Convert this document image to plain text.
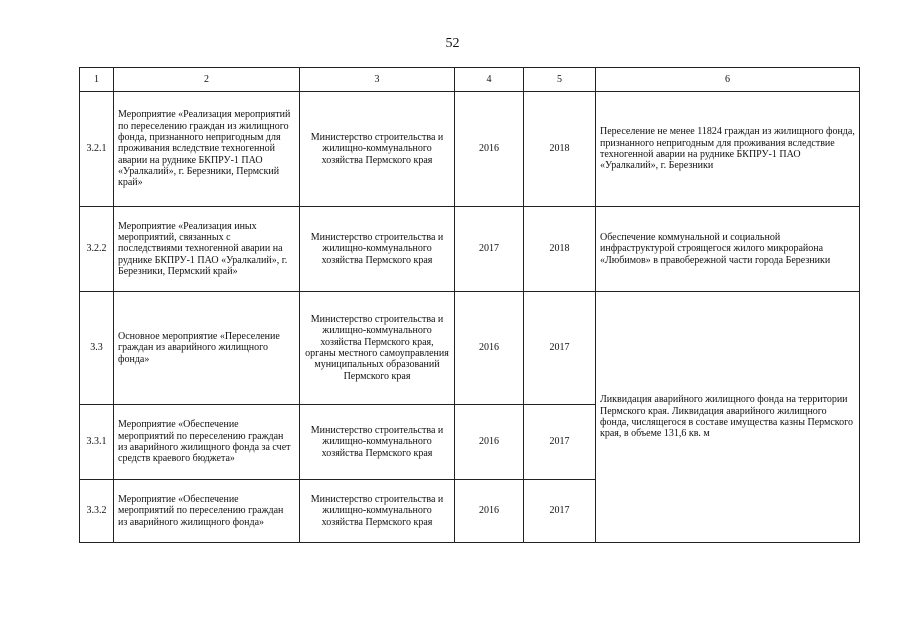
52
1	2	3	4	5	6
3.2.1	Мероприятие «Реализация мероприятий по переселению граждан из жилищного фонда, признанного непригодным для проживания вследствие техногенной аварии на руднике БКПРУ-1 ПАО «Уралкалий», г. Березники, Пермский край»	Министерство строительства и жилищно-коммунального хозяйства Пермского края	2016	2018	Переселение не менее 11824 граждан из жилищного фонда, признанного непригодным для проживания вследствие техногенной аварии на руднике БКПРУ-1 ПАО «Уралкалий», г. Березники
3.2.2	Мероприятие «Реализация иных мероприятий, связанных с последствиями техногенной аварии на руднике БКПРУ-1 ПАО «Уралкалий», г. Березники, Пермский край»	Министерство строительства и жилищно-коммунального хозяйства Пермского края	2017	2018	Обеспечение коммунальной и социальной инфраструктурой строящегося жилого микрорайона «Любимов» в правобережной части города Березники
3.3	Основное мероприятие «Переселение граждан из аварийного жилищного фонда»	Министерство строительства и жилищно-коммунального хозяйства Пермского края, органы местного самоуправления муниципальных образований Пермского края	2016	2017	Ликвидация аварийного жилищного фонда на территории Пермского края. Ликвидация аварийного жилищного фонда, числящегося в составе имущества казны Пермского края, в объеме 131,6 кв. м
3.3.1	Мероприятие «Обеспечение мероприятий по переселению граждан из аварийного жилищного фонда за счет средств краевого бюджета»	Министерство строительства и жилищно-коммунального хозяйства Пермского края	2016	2017	
3.3.2	Мероприятие «Обеспечение мероприятий по переселению граждан из аварийного жилищного фонда»	Министерство строительства и жилищно-коммунального хозяйства Пермского края	2016	2017	
